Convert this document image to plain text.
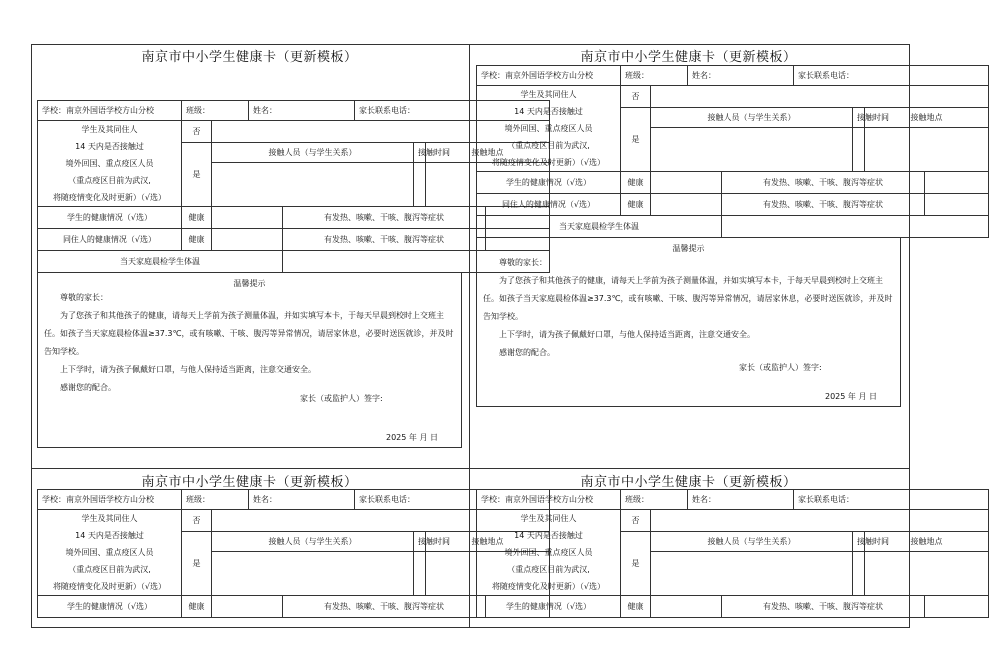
南京市中小学生健康卡（更新模板）
学校：南京外国语学校方山分校	班级：		姓名：		家长联系电话：			

学生及其同住人
14 天内是否接触过
境外回国、重点疫区人员
（重点疫区目前为武汉,
将随疫情变化及时更新）（√选）	否							
	是	接触人员（与学生关系）				接触时间	接触地点	

学生的健康情况（√选）	健康			有发热、咳嗽、干咳、腹泻等症状				
同住人的健康情况（√选）	健康			有发热、咳嗽、干咳、腹泻等症状				
当天家庭晨检学生体温								
温馨提示

尊敬的家长：

为了您孩子和其他孩子的健康，请每天上学前为孩子测量体温，并如实填写本卡，于每天早晨到校时上交班主任。如孩子当天家庭晨检体温≥37.3℃，或有咳嗽、干咳、腹泻等异常情况，请居家休息，必要时送医就诊，并及时告知学校。

上下学时，请为孩子佩戴好口罩，与他人保持适当距离，注意交通安全。

感谢您的配合。

家长（或监护人）签字:
2025 年 月 日
南京市中小学生健康卡（更新模板）
学校：南京外国语学校方山分校	班级：		姓名：		家长联系电话：			

学生及其同住人
14 天内是否接触过
境外回国、重点疫区人员
（重点疫区目前为武汉,
将随疫情变化及时更新）（√选）	否							
	是	接触人员（与学生关系）				接触时间	接触地点	

学生的健康情况（√选）	健康			有发热、咳嗽、干咳、腹泻等症状				
同住人的健康情况（√选）	健康			有发热、咳嗽、干咳、腹泻等症状				
当天家庭晨检学生体温								
温馨提示

尊敬的家长：

为了您孩子和其他孩子的健康，请每天上学前为孩子测量体温，并如实填写本卡，于每天早晨到校时上交班主任。如孩子当天家庭晨检体温≥37.3℃，或有咳嗽、干咳、腹泻等异常情况，请居家休息，必要时送医就诊，并及时告知学校。

上下学时，请为孩子佩戴好口罩，与他人保持适当距离，注意交通安全。

感谢您的配合。

家长（或监护人）签字:
2025 年 月 日
南京市中小学生健康卡（更新模板）
学校：南京外国语学校方山分校	班级：		姓名：		家长联系电话：			

学生及其同住人
14 天内是否接触过
境外回国、重点疫区人员
（重点疫区目前为武汉,
将随疫情变化及时更新）（√选）	否							
	是	接触人员（与学生关系）				接触时间	接触地点	

学生的健康情况（√选）	健康			有发热、咳嗽、干咳、腹泻等症状				
南京市中小学生健康卡（更新模板）
学校：南京外国语学校方山分校	班级：		姓名：		家长联系电话：			

学生及其同住人
14 天内是否接触过
境外回国、重点疫区人员
（重点疫区目前为武汉,
将随疫情变化及时更新）（√选）	否							
	是	接触人员（与学生关系）				接触时间	接触地点	

学生的健康情况（√选）	健康			有发热、咳嗽、干咳、腹泻等症状				
